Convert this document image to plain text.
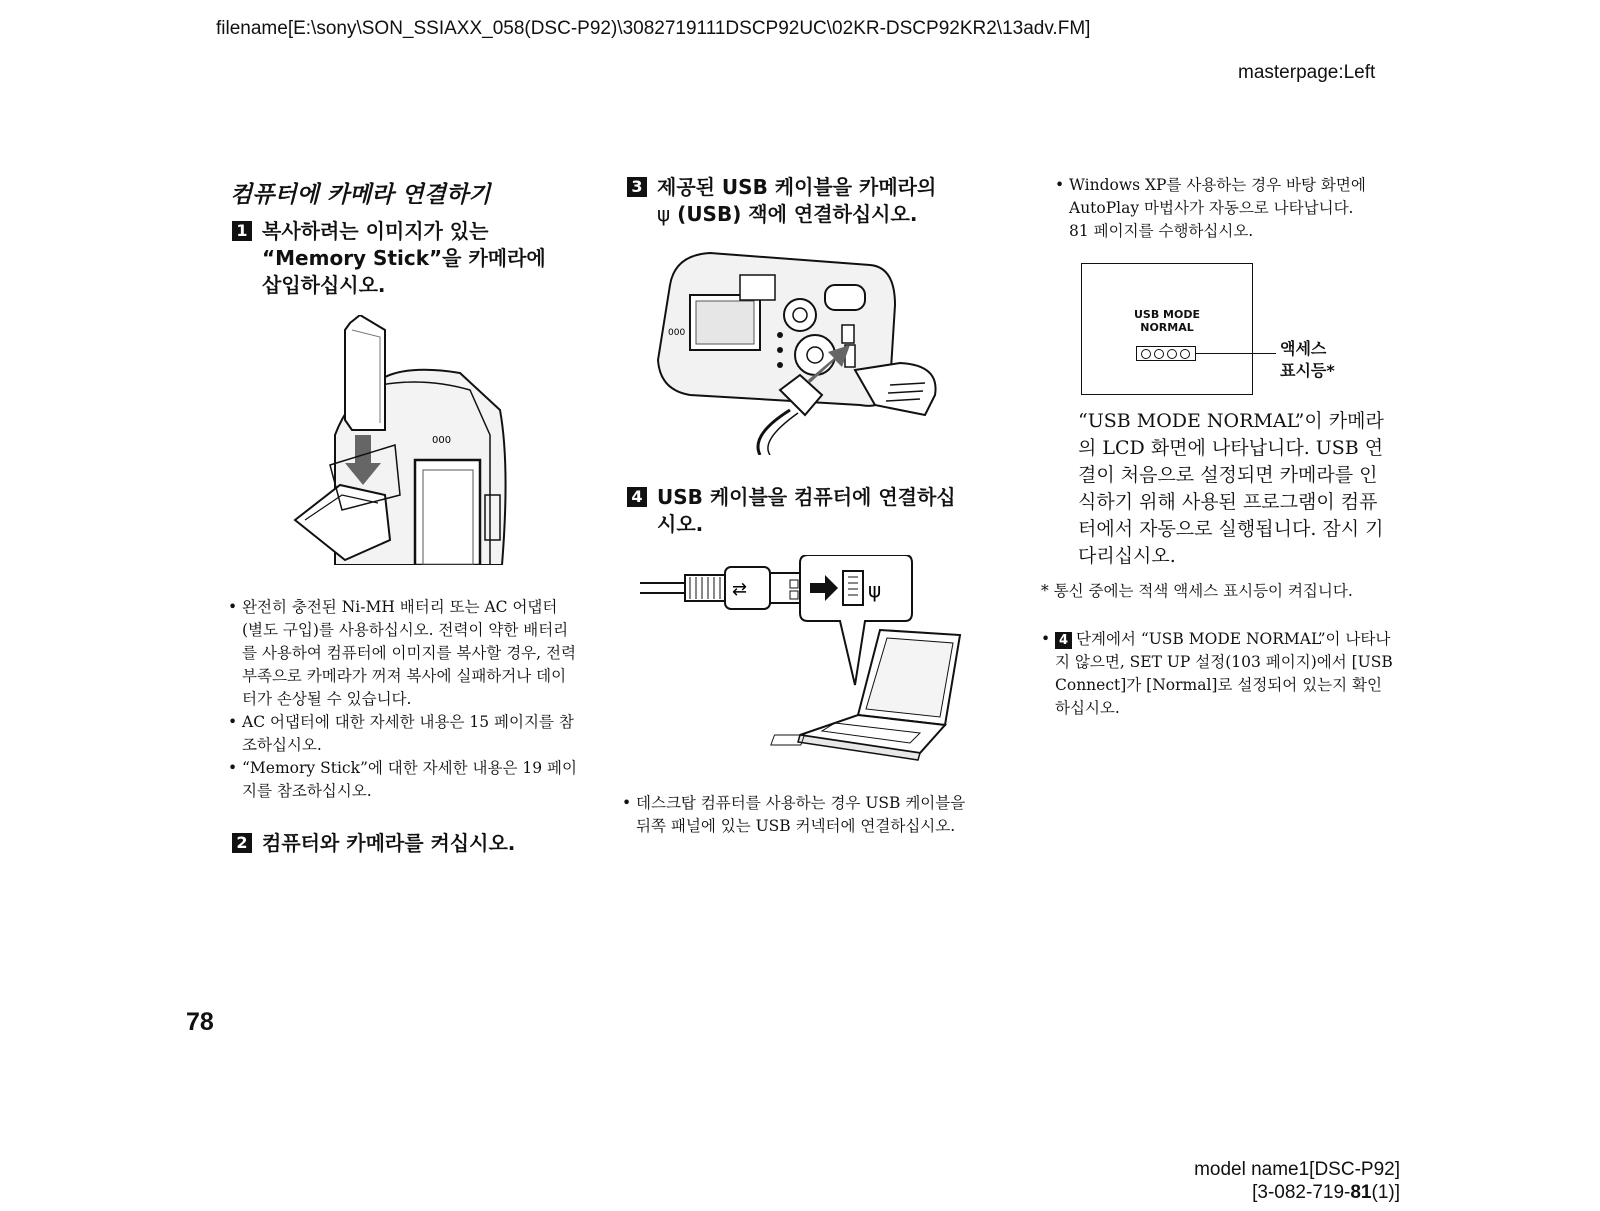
filename[E:\sony\SON_SSIAXX_058(DSC-P92)\3082719111DSCP92UC\02KR-DSCP92KR2\13adv.FM]
masterpage:Left
컴퓨터에 카메라 연결하기
1 복사하려는 이미지가 있는 “Memory Stick”을 카메라에 삽입하십시오.
000
• 완전히 충전된 Ni-MH 배터리 또는 AC 어댑터(별도 구입)를 사용하십시오. 전력이 약한 배터리를 사용하여 컴퓨터에 이미지를 복사할 경우, 전력 부족으로 카메라가 꺼져 복사에 실패하거나 데이터가 손상될 수 있습니다.
• AC 어댑터에 대한 자세한 내용은 15 페이지를 참조하십시오.
• “Memory Stick”에 대한 자세한 내용은 19 페이지를 참조하십시오.
2 컴퓨터와 카메라를 켜십시오.
3 제공된 USB 케이블을 카메라의
ψ (USB) 잭에 연결하십시오.
000
4 USB 케이블을 컴퓨터에 연결하십시오.
⇄	ψ
• 데스크탑 컴퓨터를 사용하는 경우 USB 케이블을 뒤쪽 패널에 있는 USB 커넥터에 연결하십시오.
• Windows XP를 사용하는 경우 바탕 화면에 AutoPlay 마법사가 자동으로 나타납니다. 81 페이지를 수행하십시오.
USB MODE
NORMAL
액세스
표시등*
“USB MODE NORMAL”이 카메라의 LCD 화면에 나타납니다. USB 연결이 처음으로 설정되면 카메라를 인식하기 위해 사용된 프로그램이 컴퓨터에서 자동으로 실행됩니다. 잠시 기다리십시오.
* 통신 중에는 적색 액세스 표시등이 켜집니다.
• 4 단계에서 “USB MODE NORMAL”이 나타나지 않으면, SET UP 설정(103 페이지)에서 [USB Connect]가 [Normal]로 설정되어 있는지 확인하십시오.
78
model name1[DSC-P92]
[3-082-719-81(1)]
